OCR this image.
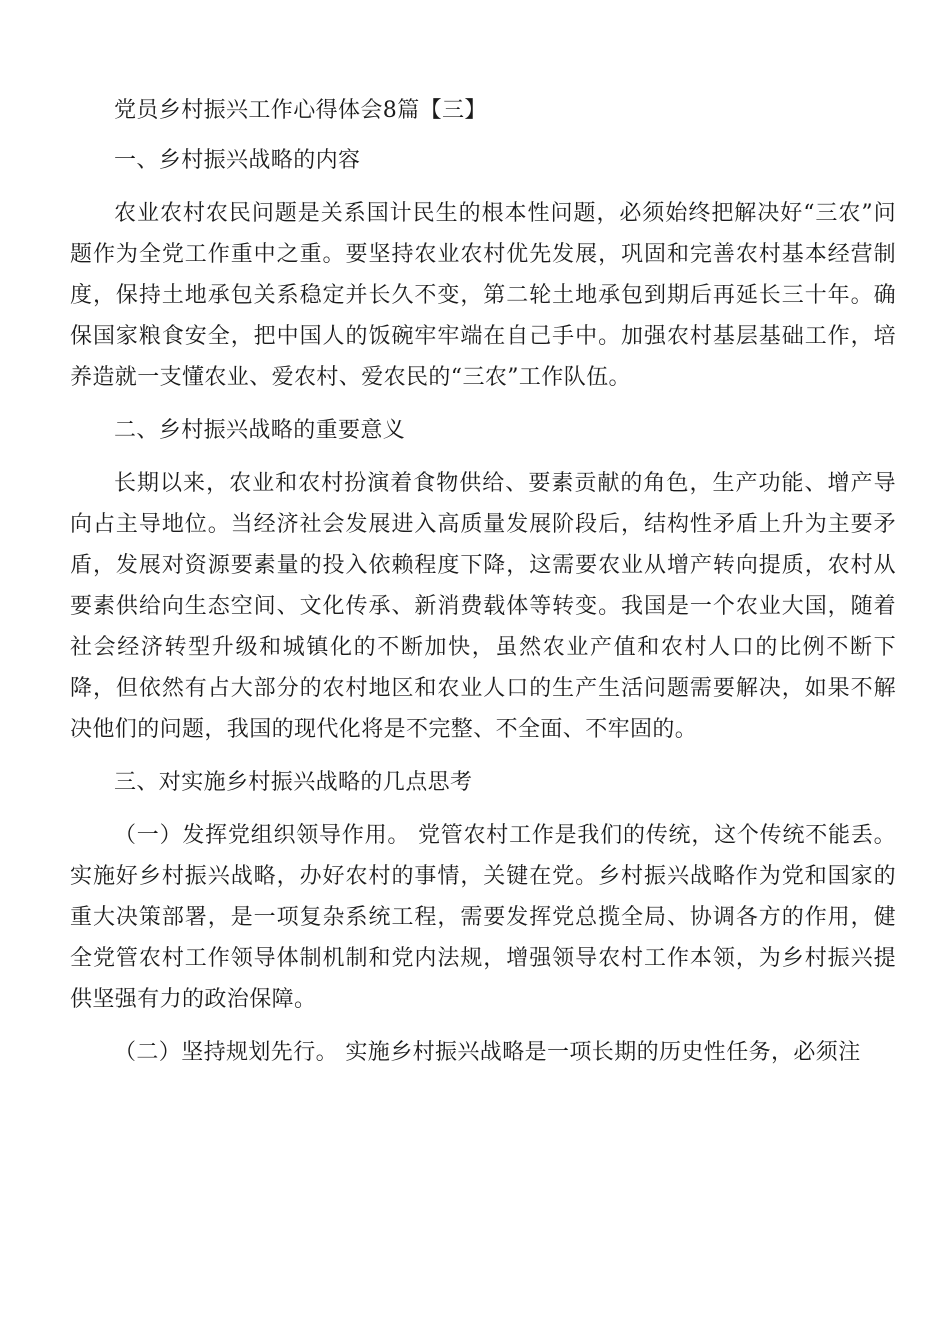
党员乡村振兴工作心得体会8篇【三】

一、乡村振兴战略的内容

农业农村农民问题是关系国计民生的根本性问题，必须始终把解决好“三农”问题作为全党工作重中之重。要坚持农业农村优先发展，巩固和完善农村基本经营制度，保持土地承包关系稳定并长久不变，第二轮土地承包到期后再延长三十年。确保国家粮食安全，把中国人的饭碗牢牢端在自己手中。加强农村基层基础工作，培养造就一支懂农业、爱农村、爱农民的“三农”工作队伍。

二、乡村振兴战略的重要意义

长期以来，农业和农村扮演着食物供给、要素贡献的角色，生产功能、增产导向占主导地位。当经济社会发展进入高质量发展阶段后，结构性矛盾上升为主要矛盾，发展对资源要素量的投入依赖程度下降，这需要农业从增产转向提质，农村从要素供给向生态空间、文化传承、新消费载体等转变。我国是一个农业大国，随着社会经济转型升级和城镇化的不断加快，虽然农业产值和农村人口的比例不断下降，但依然有占大部分的农村地区和农业人口的生产生活问题需要解决，如果不解决他们的问题，我国的现代化将是不完整、不全面、不牢固的。

三、对实施乡村振兴战略的几点思考

（一）发挥党组织领导作用。 党管农村工作是我们的传统，这个传统不能丢。实施好乡村振兴战略，办好农村的事情，关键在党。乡村振兴战略作为党和国家的重大决策部署，是一项复杂系统工程，需要发挥党总揽全局、协调各方的作用，健全党管农村工作领导体制机制和党内法规，增强领导农村工作本领，为乡村振兴提供坚强有力的政治保障。

（二）坚持规划先行。 实施乡村振兴战略是一项长期的历史性任务，必须注
